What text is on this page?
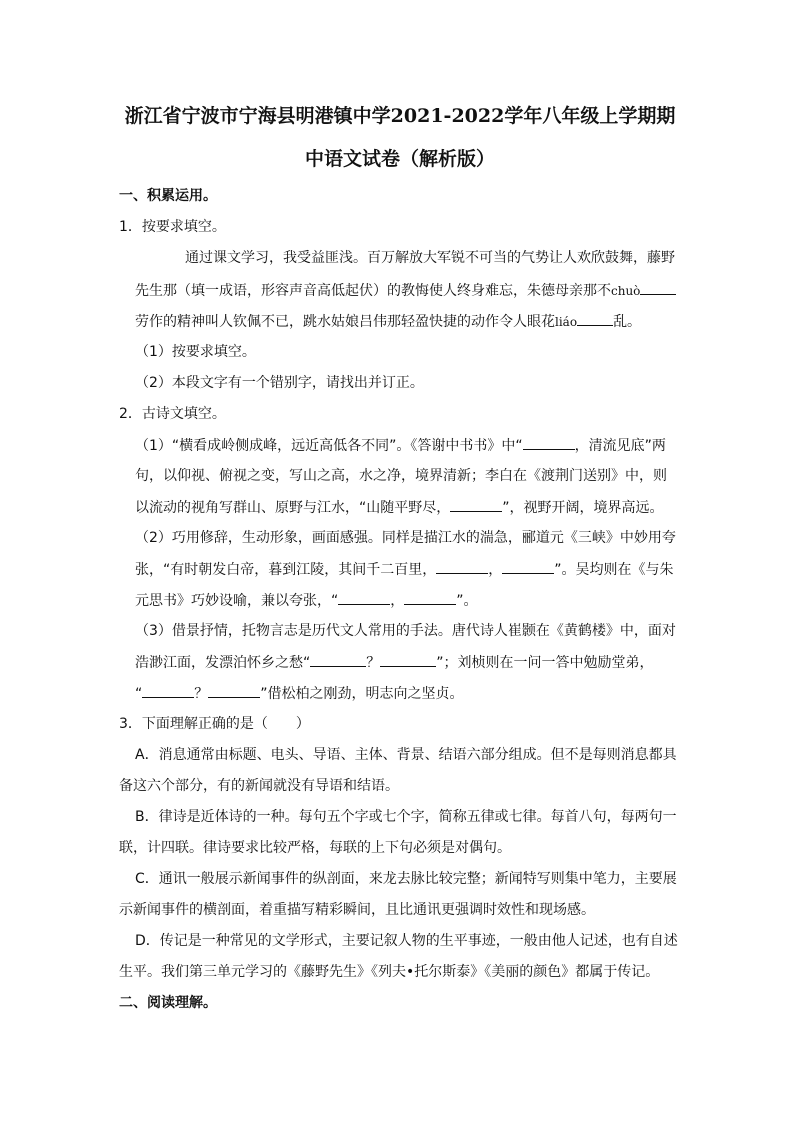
浙江省宁波市宁海县明港镇中学2021-2022学年八年级上学期期
中语文试卷（解析版）
一、积累运用。
1．按要求填空。
通过课文学习，我受益匪浅。百万解放大军锐不可当的气势让人欢欣鼓舞，藤野
先生那（填一成语，形容声音高低起伏）的教悔使人终身难忘，朱德母亲那不chuò
劳作的精神叫人钦佩不已，跳水姑娘吕伟那轻盈快捷的动作令人眼花liáo	乱。
（1）按要求填空。
（2）本段文字有一个错别字，请找出并订正。
2．古诗文填空。
（1）“横看成岭侧成峰，远近高低各不同”。《答谢中书书》中“	，清流见底”两
句，以仰视、俯视之变，写山之高，水之净，境界清新；李白在《渡荆门送别》中，则
以流动的视角写群山、原野与江水，“山随平野尽，	”，视野开阔，境界高远。
（2）巧用修辞，生动形象，画面感强。同样是描江水的湍急，郦道元《三峡》中妙用夸
张，“有时朝发白帝，暮到江陵，其间千二百里，	，	”。吴均则在《与朱
元思书》巧妙设喻，兼以夸张，“	，	”。
（3）借景抒情，托物言志是历代文人常用的手法。唐代诗人崔颢在《黄鹤楼》中，面对
浩渺江面，发漂泊怀乡之愁“	？	”；刘桢则在一问一答中勉励堂弟，
“	？	”借松柏之刚劲，明志向之坚贞。
3．下面理解正确的是（　　）
A．消息通常由标题、电头、导语、主体、背景、结语六部分组成。但不是每则消息都具
备这六个部分，有的新闻就没有导语和结语。
B．律诗是近体诗的一种。每句五个字或七个字，简称五律或七律。每首八句，每两句一
联，计四联。律诗要求比较严格，每联的上下句必须是对偶句。
C．通讯一般展示新闻事件的纵剖面，来龙去脉比较完整；新闻特写则集中笔力，主要展
示新闻事件的横剖面，着重描写精彩瞬间，且比通讯更强调时效性和现场感。
D．传记是一种常见的文学形式，主要记叙人物的生平事迹，一般由他人记述，也有自述
生平。我们第三单元学习的《藤野先生》《列夫•托尔斯泰》《美丽的颜色》都属于传记。
二、阅读理解。
